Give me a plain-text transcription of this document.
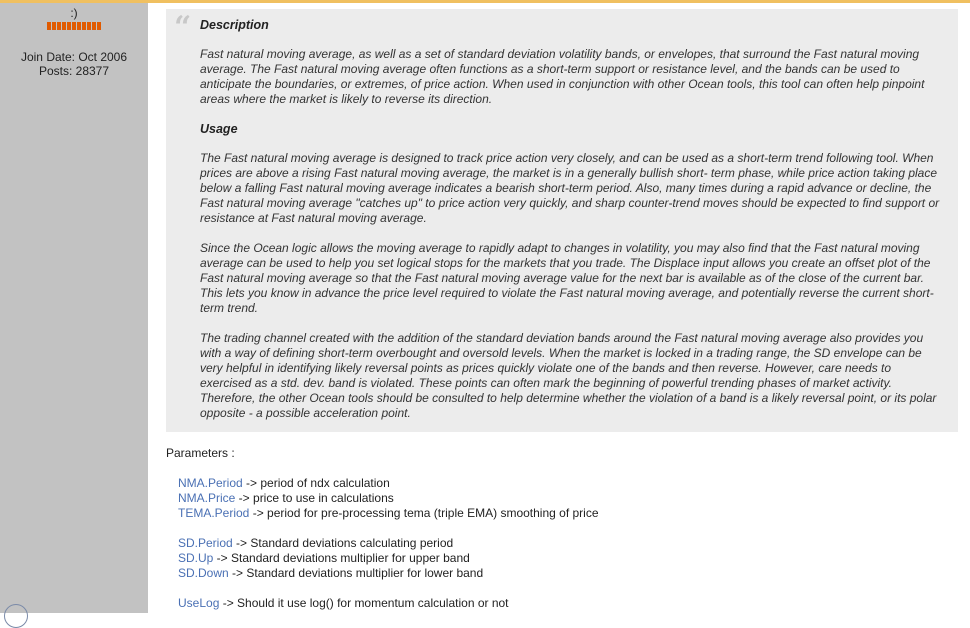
:)
Join Date: Oct 2006
Posts: 28377
“ Description

Fast natural moving average, as well as a set of standard deviation volatility bands, or envelopes, that surround the Fast natural moving average. The Fast natural moving average often functions as a short-term support or resistance level, and the bands can be used to anticipate the boundaries, or extremes, of price action. When used in conjunction with other Ocean tools, this tool can often help pinpoint areas where the market is likely to reverse its direction.

Usage

The Fast natural moving average is designed to track price action very closely, and can be used as a short-term trend following tool. When prices are above a rising Fast natural moving average, the market is in a generally bullish short- term phase, while price action taking place below a falling Fast natural moving average indicates a bearish short-term period. Also, many times during a rapid advance or decline, the Fast natural moving average "catches up" to price action very quickly, and sharp counter-trend moves should be expected to find support or resistance at Fast natural moving average.

Since the Ocean logic allows the moving average to rapidly adapt to changes in volatility, you may also find that the Fast natural moving average can be used to help you set logical stops for the markets that you trade. The Displace input allows you create an offset plot of the Fast natural moving average so that the Fast natural moving average value for the next bar is available as of the close of the current bar. This lets you know in advance the price level required to violate the Fast natural moving average, and potentially reverse the current short-term trend.

The trading channel created with the addition of the standard deviation bands around the Fast natural moving average also provides you with a way of defining short-term overbought and oversold levels. When the market is locked in a trading range, the SD envelope can be very helpful in identifying likely reversal points as prices quickly violate one of the bands and then reverse. However, care needs to exercised as a std. dev. band is violated. These points can often mark the beginning of powerful trending phases of market activity. Therefore, the other Ocean tools should be consulted to help determine whether the violation of a band is a likely reversal point, or its polar opposite - a possible acceleration point.

Parameters :
NMA.Period -> period of ndx calculation
NMA.Price -> price to use in calculations
TEMA.Period -> period for pre-processing tema (triple EMA) smoothing of price
SD.Period -> Standard deviations calculating period
SD.Up -> Standard deviations multiplier for upper band
SD.Down -> Standard deviations multiplier for lower band
UseLog -> Should it use log() for momentum calculation or not
